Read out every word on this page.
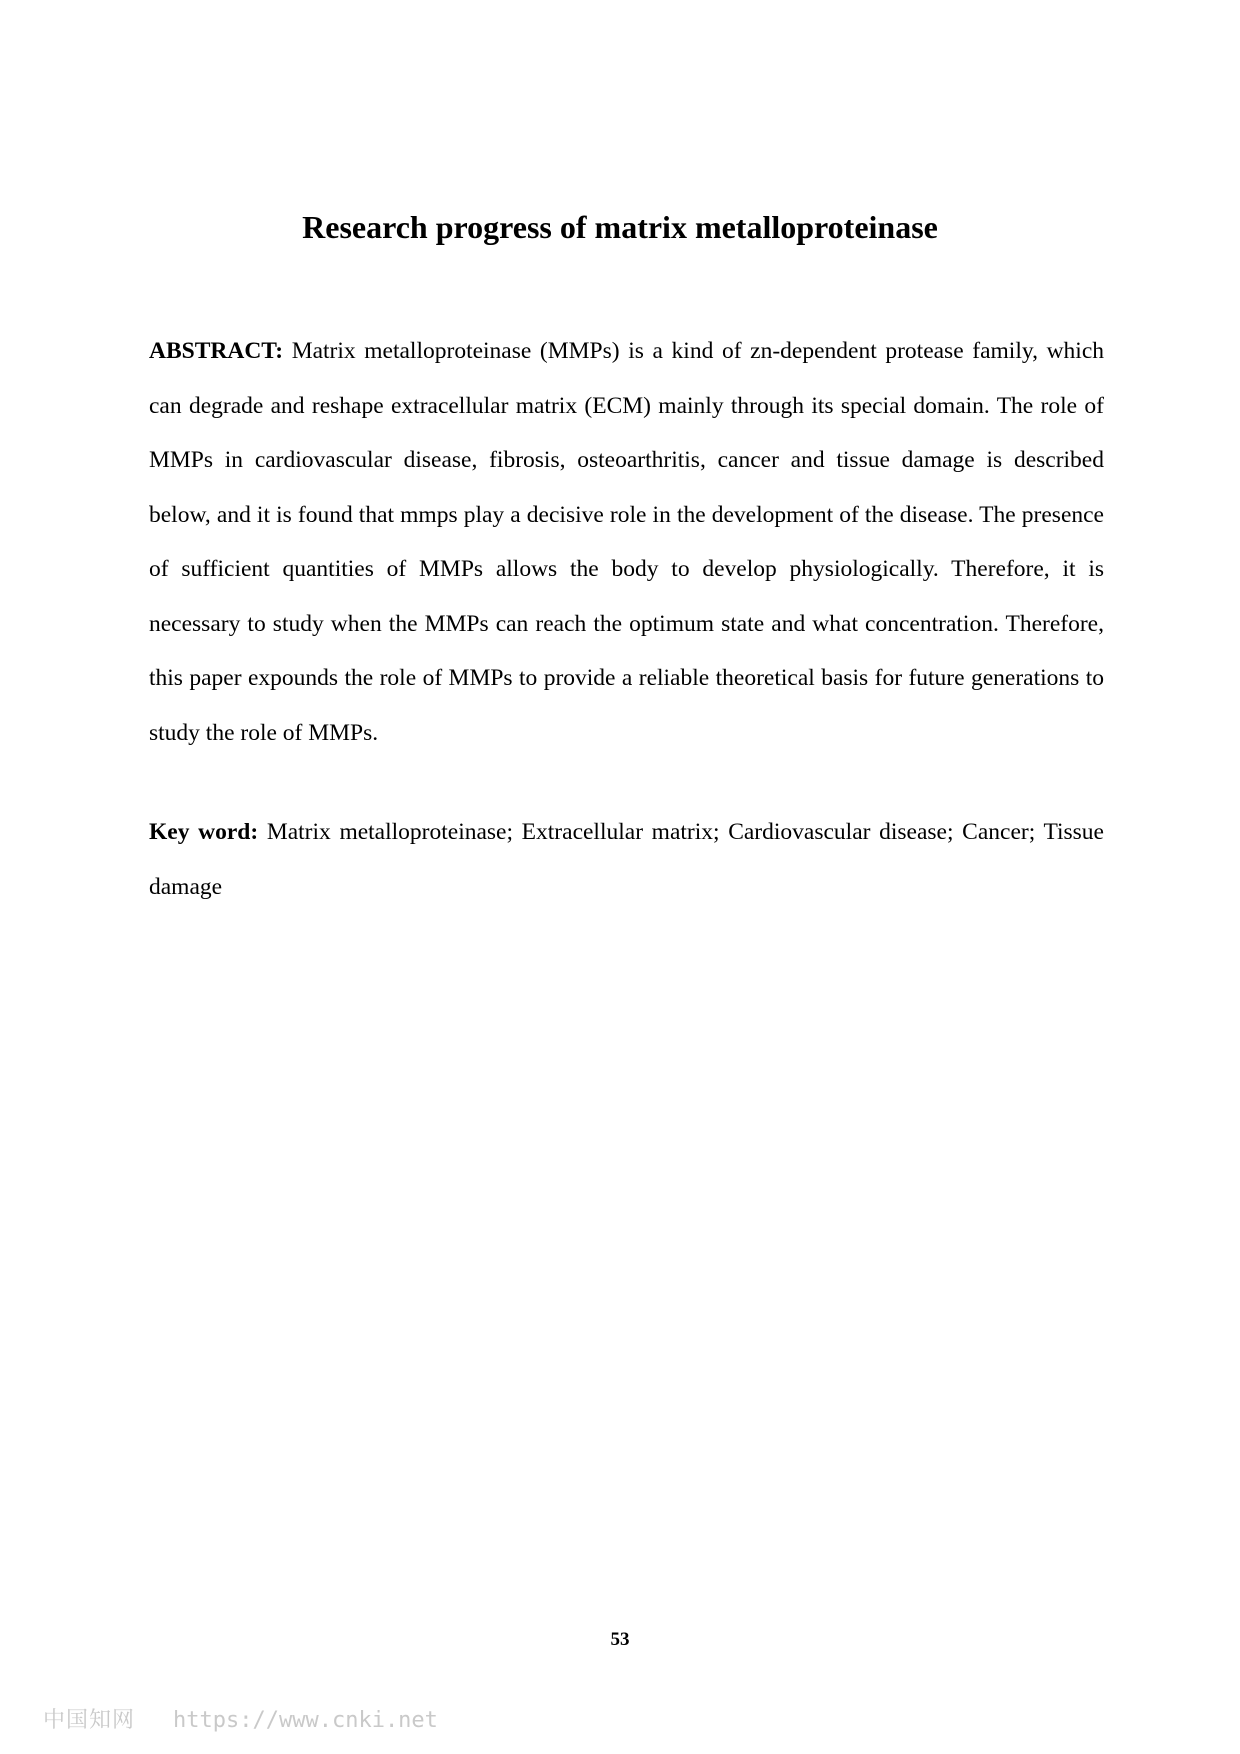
Research progress of matrix metalloproteinase

ABSTRACT: Matrix metalloproteinase (MMPs) is a kind of zn-dependent protease family, which can degrade and reshape extracellular matrix (ECM) mainly through its special domain. The role of MMPs in cardiovascular disease, fibrosis, osteoarthritis, cancer and tissue damage is described below, and it is found that mmps play a decisive role in the development of the disease. The presence of sufficient quantities of MMPs allows the body to develop physiologically. Therefore, it is necessary to study when the MMPs can reach the optimum state and what concentration. Therefore, this paper expounds the role of MMPs to provide a reliable theoretical basis for future generations to study the role of MMPs.

Key word: Matrix metalloproteinase; Extracellular matrix; Cardiovascular disease; Cancer; Tissue damage

53
中国知网 https://www.cnki.net
